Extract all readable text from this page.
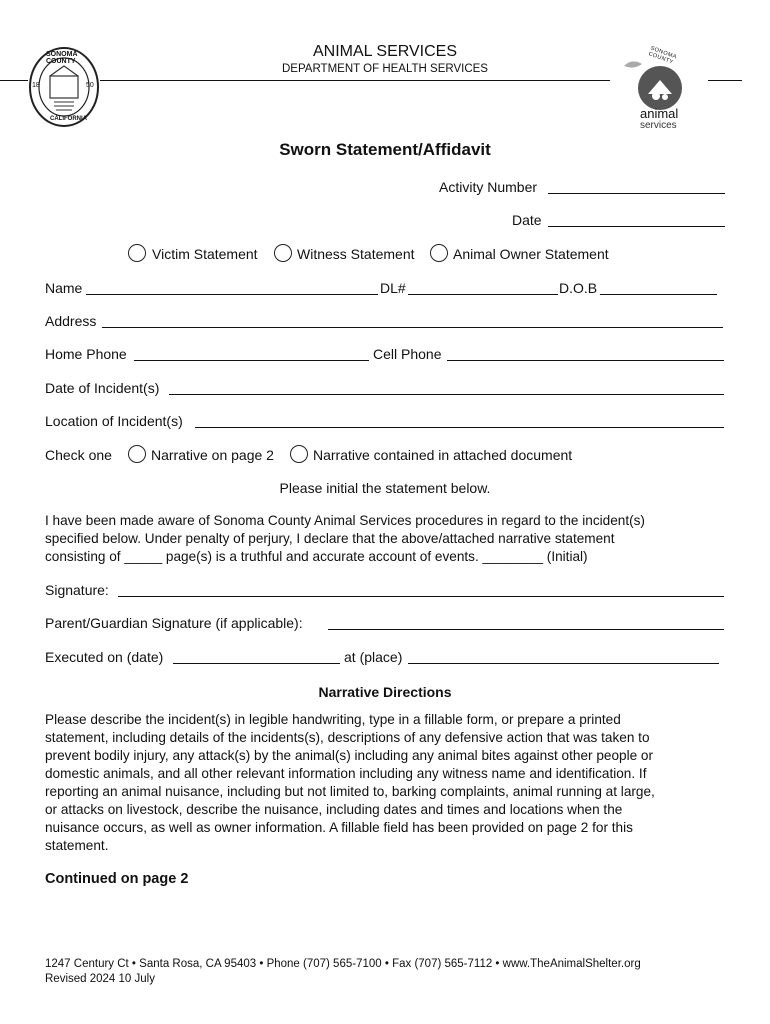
SONOMA COUNTY
CALIFORNIA
18	50
ANIMAL SERVICES
DEPARTMENT OF HEALTH SERVICES
SONOMA COUNTY
animal
services
Sworn Statement/Affidavit
Activity Number
Date
Victim Statement	Witness Statement	Animal Owner Statement
Name	DL#	D.O.B
Address
Home Phone	Cell Phone
Date of Incident(s)
Location of Incident(s)
Check one	Narrative on page 2	Narrative contained in attached document
Please initial the statement below.
I have been made aware of Sonoma County Animal Services procedures in regard to the incident(s)
specified below. Under penalty of perjury, I declare that the above/attached narrative statement
consisting of _____ page(s) is a truthful and accurate account of events. ________ (Initial)
Signature:
Parent/Guardian Signature (if applicable):
Executed on (date)	at (place)
Narrative Directions
Please describe the incident(s) in legible handwriting, type in a fillable form, or prepare a printed
statement, including details of the incidents(s), descriptions of any defensive action that was taken to
prevent bodily injury, any attack(s) by the animal(s) including any animal bites against other people or
domestic animals, and all other relevant information including any witness name and identification. If
reporting an animal nuisance, including but not limited to, barking complaints, animal running at large,
or attacks on livestock, describe the nuisance, including dates and times and locations when the
nuisance occurs, as well as owner information. A fillable field has been provided on page 2 for this
statement.
Continued on page 2
1247 Century Ct • Santa Rosa, CA 95403 • Phone (707) 565-7100 • Fax (707) 565-7112 • www.TheAnimalShelter.org
Revised 2024 10 July
